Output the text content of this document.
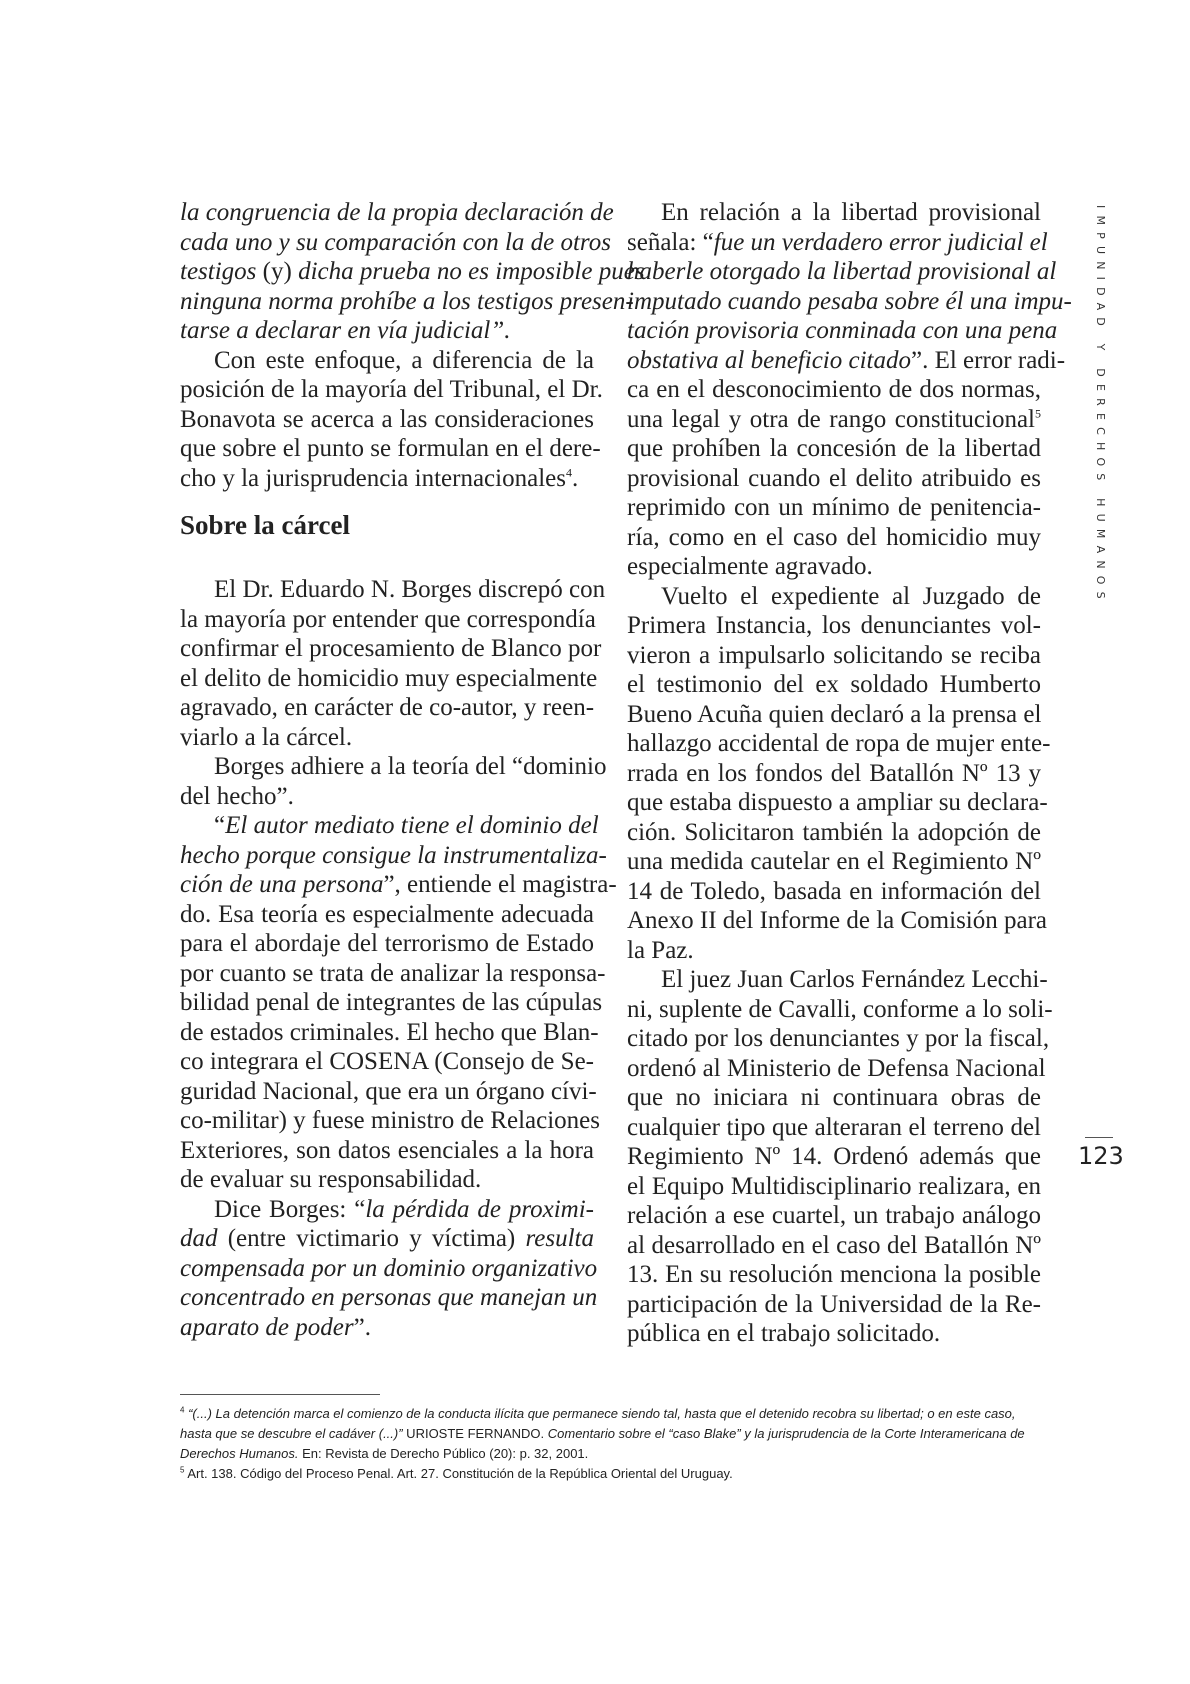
IMPUNIDAD Y DERECHOS HUMANOS
la congruencia de la propia declaración de
cada uno y su comparación con la de otros
testigos (y) dicha prueba no es imposible pues
ninguna norma prohíbe a los testigos presen-
tarse a declarar en vía judicial”.
Con este enfoque, a diferencia de la
posición de la mayoría del Tribunal, el Dr.
Bonavota se acerca a las consideraciones
que sobre el punto se formulan en el dere-
cho y la jurisprudencia internacionales$^4$.
Sobre la cárcel
El Dr. Eduardo N. Borges discrepó con
la mayoría por entender que correspondía
confirmar el procesamiento de Blanco por
el delito de homicidio muy especialmente
agravado, en carácter de co-autor, y reen-
viarlo a la cárcel.
Borges adhiere a la teoría del “dominio
del hecho”.
“El autor mediato tiene el dominio del
hecho porque consigue la instrumentaliza-
ción de una persona”, entiende el magistra-
do. Esa teoría es especialmente adecuada
para el abordaje del terrorismo de Estado
por cuanto se trata de analizar la responsa-
bilidad penal de integrantes de las cúpulas
de estados criminales. El hecho que Blan-
co integrara el COSENA (Consejo de Se-
guridad Nacional, que era un órgano cívi-
co-militar) y fuese ministro de Relaciones
Exteriores, son datos esenciales a la hora
de evaluar su responsabilidad.
Dice Borges: “la pérdida de proximi-
dad (entre victimario y víctima) resulta
compensada por un dominio organizativo
concentrado en personas que manejan un
aparato de poder”.
En relación a la libertad provisional
señala: “fue un verdadero error judicial el
haberle otorgado la libertad provisional al
imputado cuando pesaba sobre él una impu-
tación provisoria conminada con una pena
obstativa al beneficio citado”. El error radi-
ca en el desconocimiento de dos normas,
una legal y otra de rango constitucional$^5$
que prohíben la concesión de la libertad
provisional cuando el delito atribuido es
reprimido con un mínimo de penitencia-
ría, como en el caso del homicidio muy
especialmente agravado.
Vuelto el expediente al Juzgado de
Primera Instancia, los denunciantes vol-
vieron a impulsarlo solicitando se reciba
el testimonio del ex soldado Humberto
Bueno Acuña quien declaró a la prensa el
hallazgo accidental de ropa de mujer ente-
rrada en los fondos del Batallón Nº 13 y
que estaba dispuesto a ampliar su declara-
ción. Solicitaron también la adopción de
una medida cautelar en el Regimiento Nº
14 de Toledo, basada en información del
Anexo II del Informe de la Comisión para
la Paz.
El juez Juan Carlos Fernández Lecchi-
ni, suplente de Cavalli, conforme a lo soli-
citado por los denunciantes y por la fiscal,
ordenó al Ministerio de Defensa Nacional
que no iniciara ni continuara obras de
cualquier tipo que alteraran el terreno del
Regimiento Nº 14. Ordenó además que
el Equipo Multidisciplinario realizara, en
relación a ese cuartel, un trabajo análogo
al desarrollado en el caso del Batallón Nº
13. En su resolución menciona la posible
participación de la Universidad de la Re-
pública en el trabajo solicitado.
123

$^4$ “(...) La detención marca el comienzo de la conducta ilícita que permanece siendo tal, hasta que el detenido recobra su libertad; o en este caso, hasta que se descubre el cadáver (...)” URIOSTE FERNANDO. Comentario sobre el “caso Blake” y la jurisprudencia de la Corte Interamericana de Derechos Humanos. En: Revista de Derecho Público (20): p. 32, 2001.

$^5$ Art. 138. Código del Proceso Penal. Art. 27. Constitución de la República Oriental del Uruguay.
